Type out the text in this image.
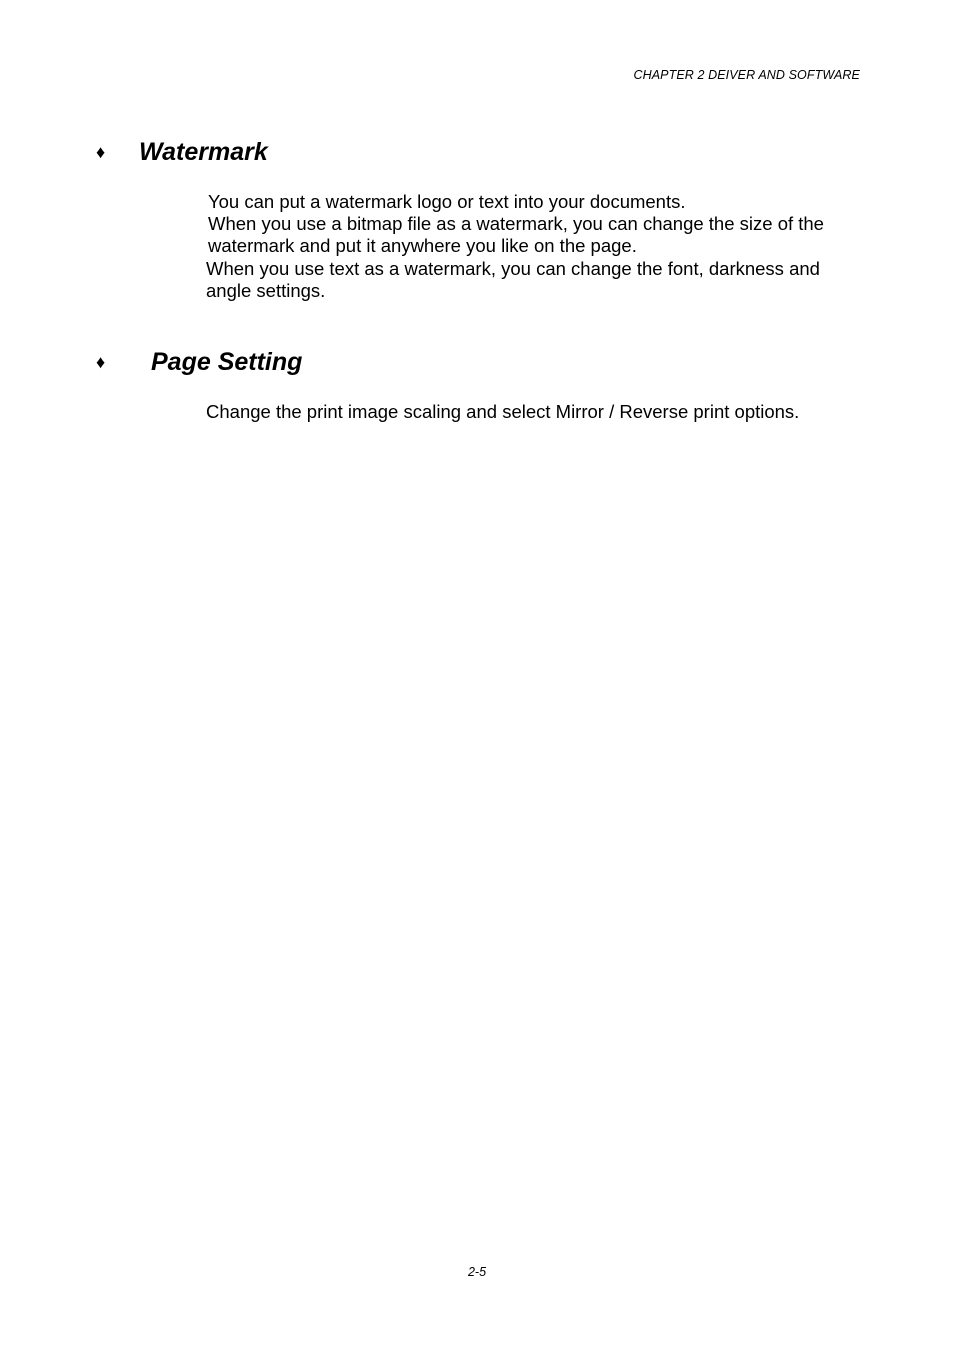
CHAPTER 2 DEIVER AND SOFTWARE
♦	Watermark
You can put a watermark logo or text into your documents.
When you use a bitmap file as a watermark, you can change the size of the
watermark and put it anywhere you like on the page.
When you use text as a watermark, you can change the font, darkness and
angle settings.
♦	Page Setting
Change the print image scaling and select Mirror / Reverse print options.
2-5
